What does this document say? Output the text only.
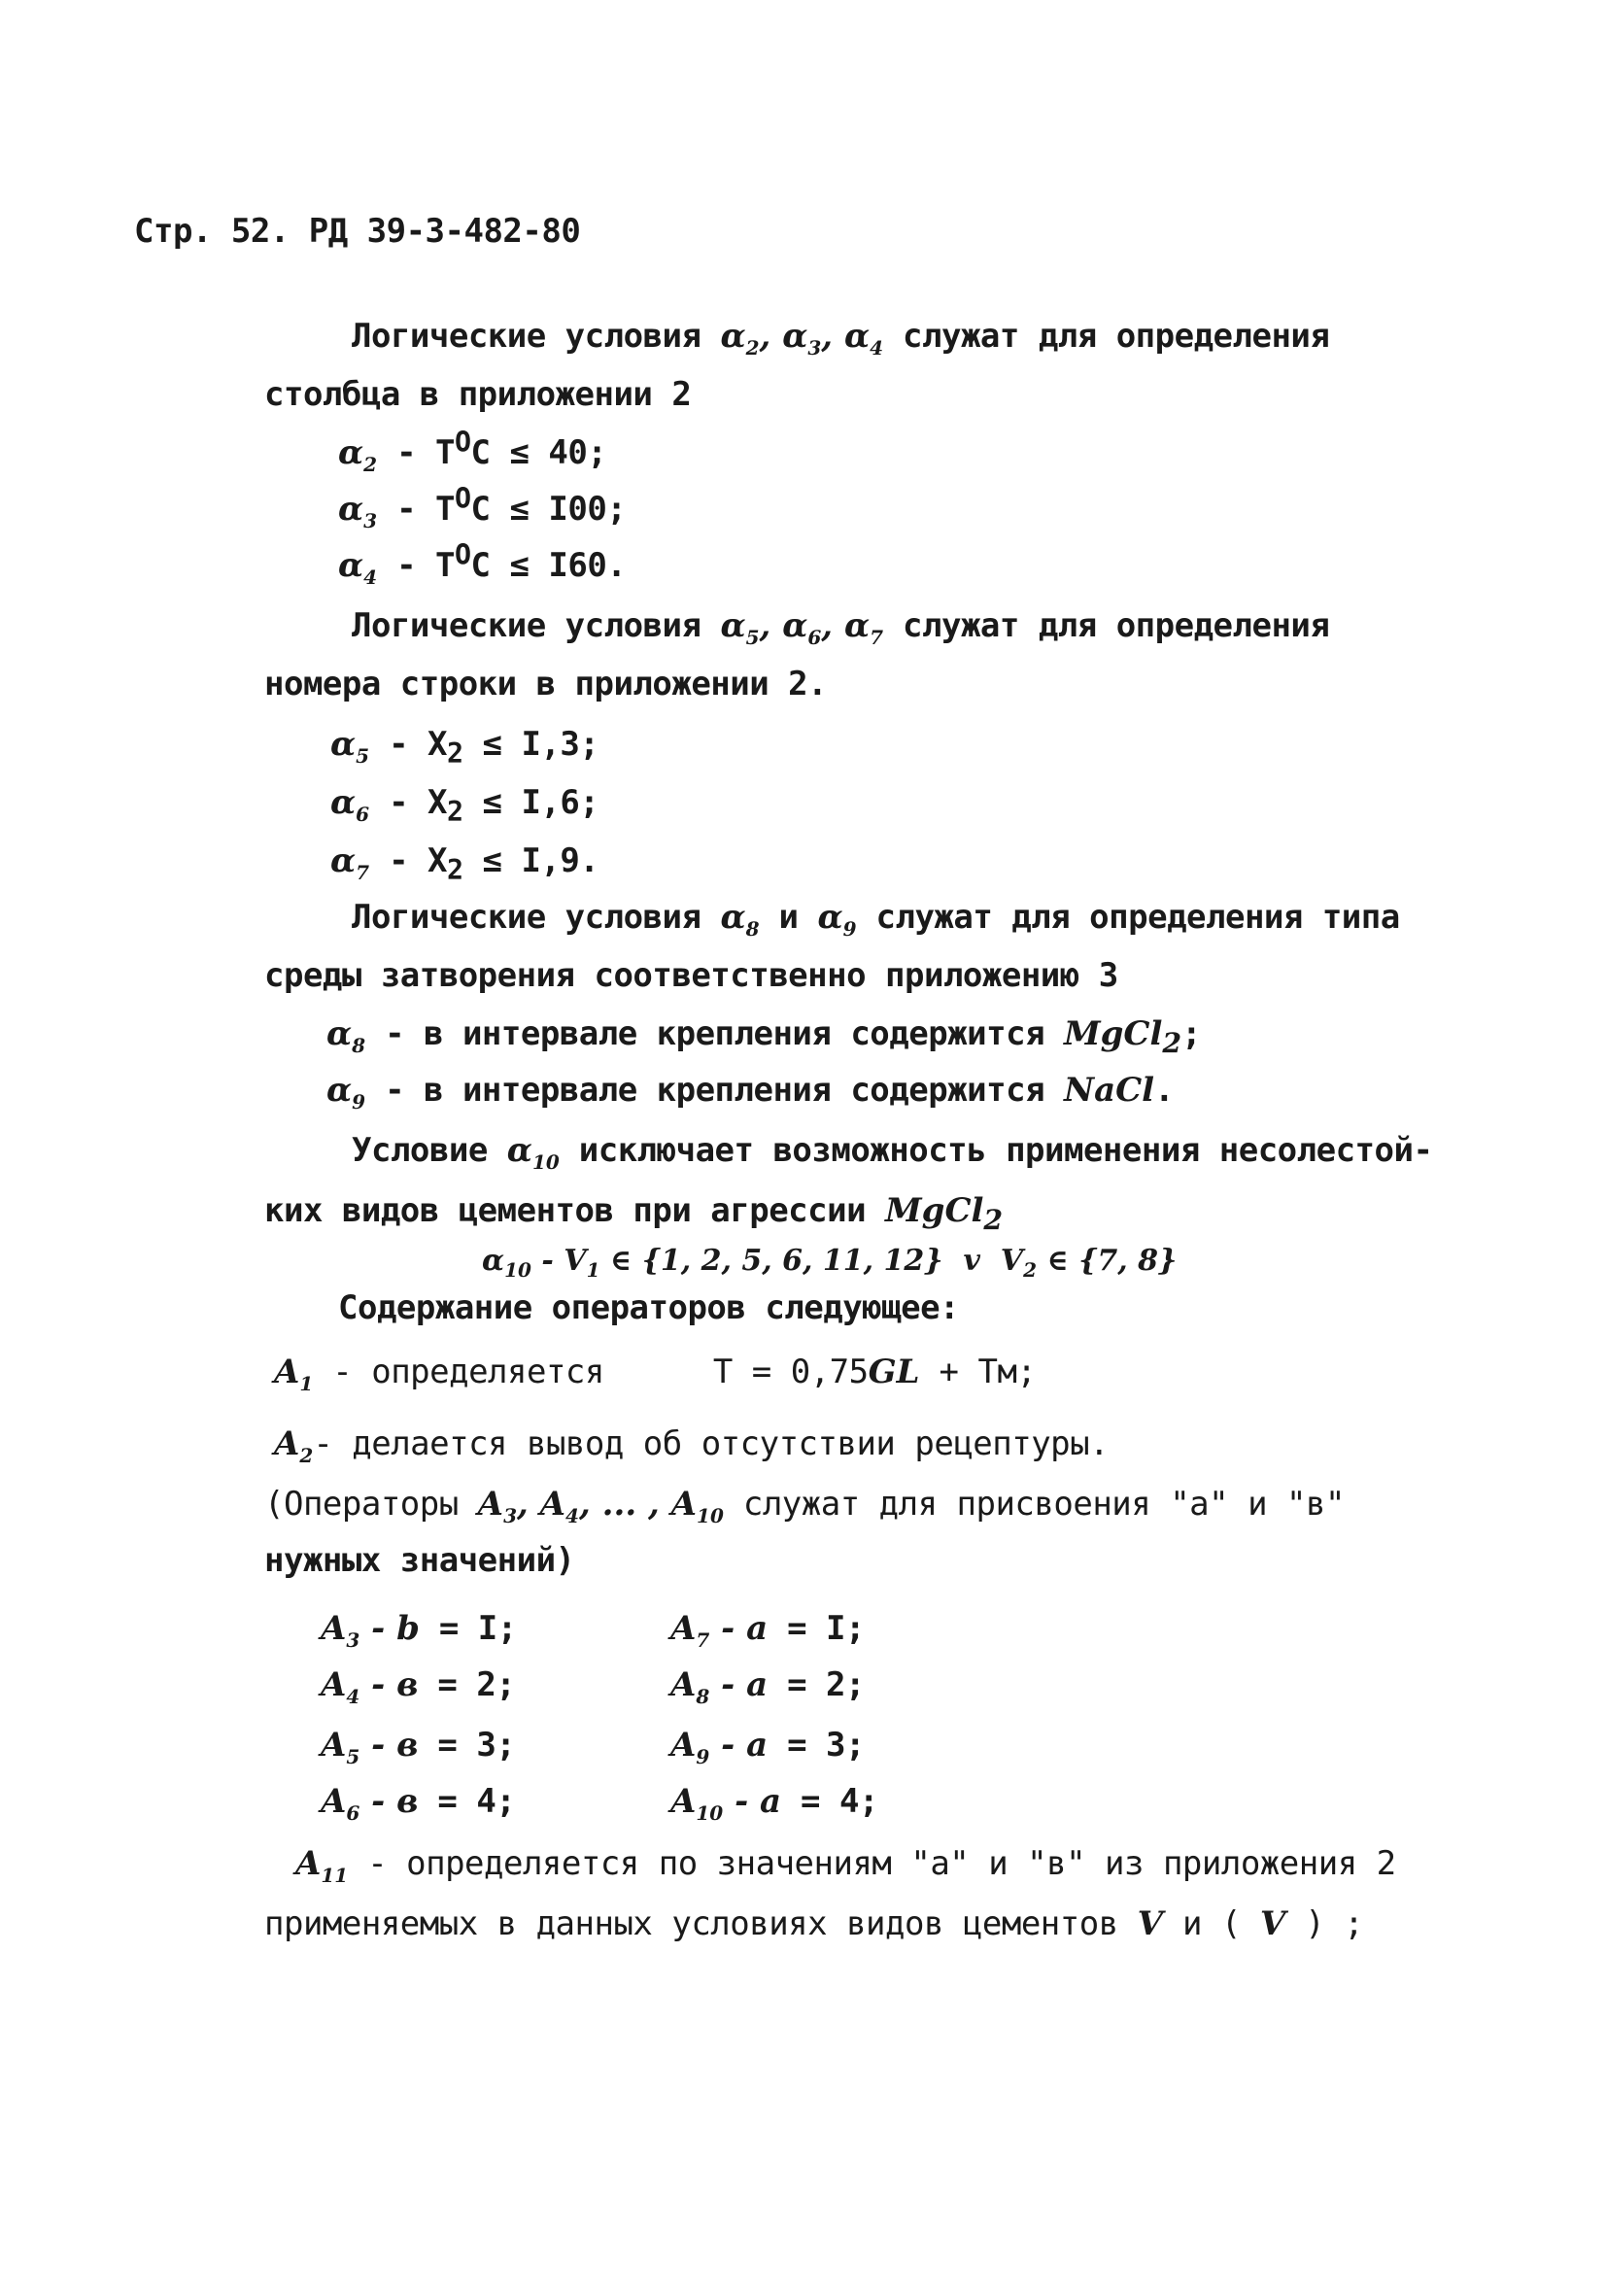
Стр. 52. РД 39-3-482-80
Логические условия $\alpha_2$, $\alpha_3$, $\alpha_4$ служат для определения
столбца в приложении 2
$\alpha_2 - Т^ОС \le 40$;
$\alpha_3 - Т^ОС \le I00$;
$\alpha_4 - Т^ОС \le I60$.
Логические условия $\alpha_5$, $\alpha_6$, $\alpha_7$ служат для определения
номера строки в приложении 2.
$\alpha_5 - X_2 \le I,3$;
$\alpha_6 - X_2 \le I,6$;
$\alpha_7 - X_2 \le I,9$.
Логические условия $\alpha_8$ и $\alpha_9$ служат для определения типа
среды затворения соответственно приложению 3
$\alpha_8$ - в интервале крепления содержится MgCl$_2$;
$\alpha_9$ - в интервале крепления содержится NaCl.
Условие $\alpha_{10}$ исключает возможность применения несолестой-
ких видов цементов при агрессии MgCl$_2$
$\alpha_{10} - V_1$ ∈ {1, 2, 5, 6, 11, 12}  v  $V_2$ ∈ {7, 8}
Содержание операторов следующее:
$A_1$ - определяется	Т = 0,75GL + Тм;
$A_2-$ делается вывод об отсутствии рецептуры.
(Операторы $A_3$, $A_4$, ... , $A_{10}$ служат для присвоения "а" и "в"
нужных значений)
$A_3 - b = I$;	$A_7 - a = I$;
$A_4 - в = 2$;	$A_8 - a = 2$;
$A_5 - в = 3$;	$A_9 - a = 3$;
$A_6 - в = 4$;	$A_{10} - a = 4$;
$A_{11}$ - определяется по значениям "а" и "в" из приложения 2
применяемых в данных условиях видов цементов V и ( V ) ;
